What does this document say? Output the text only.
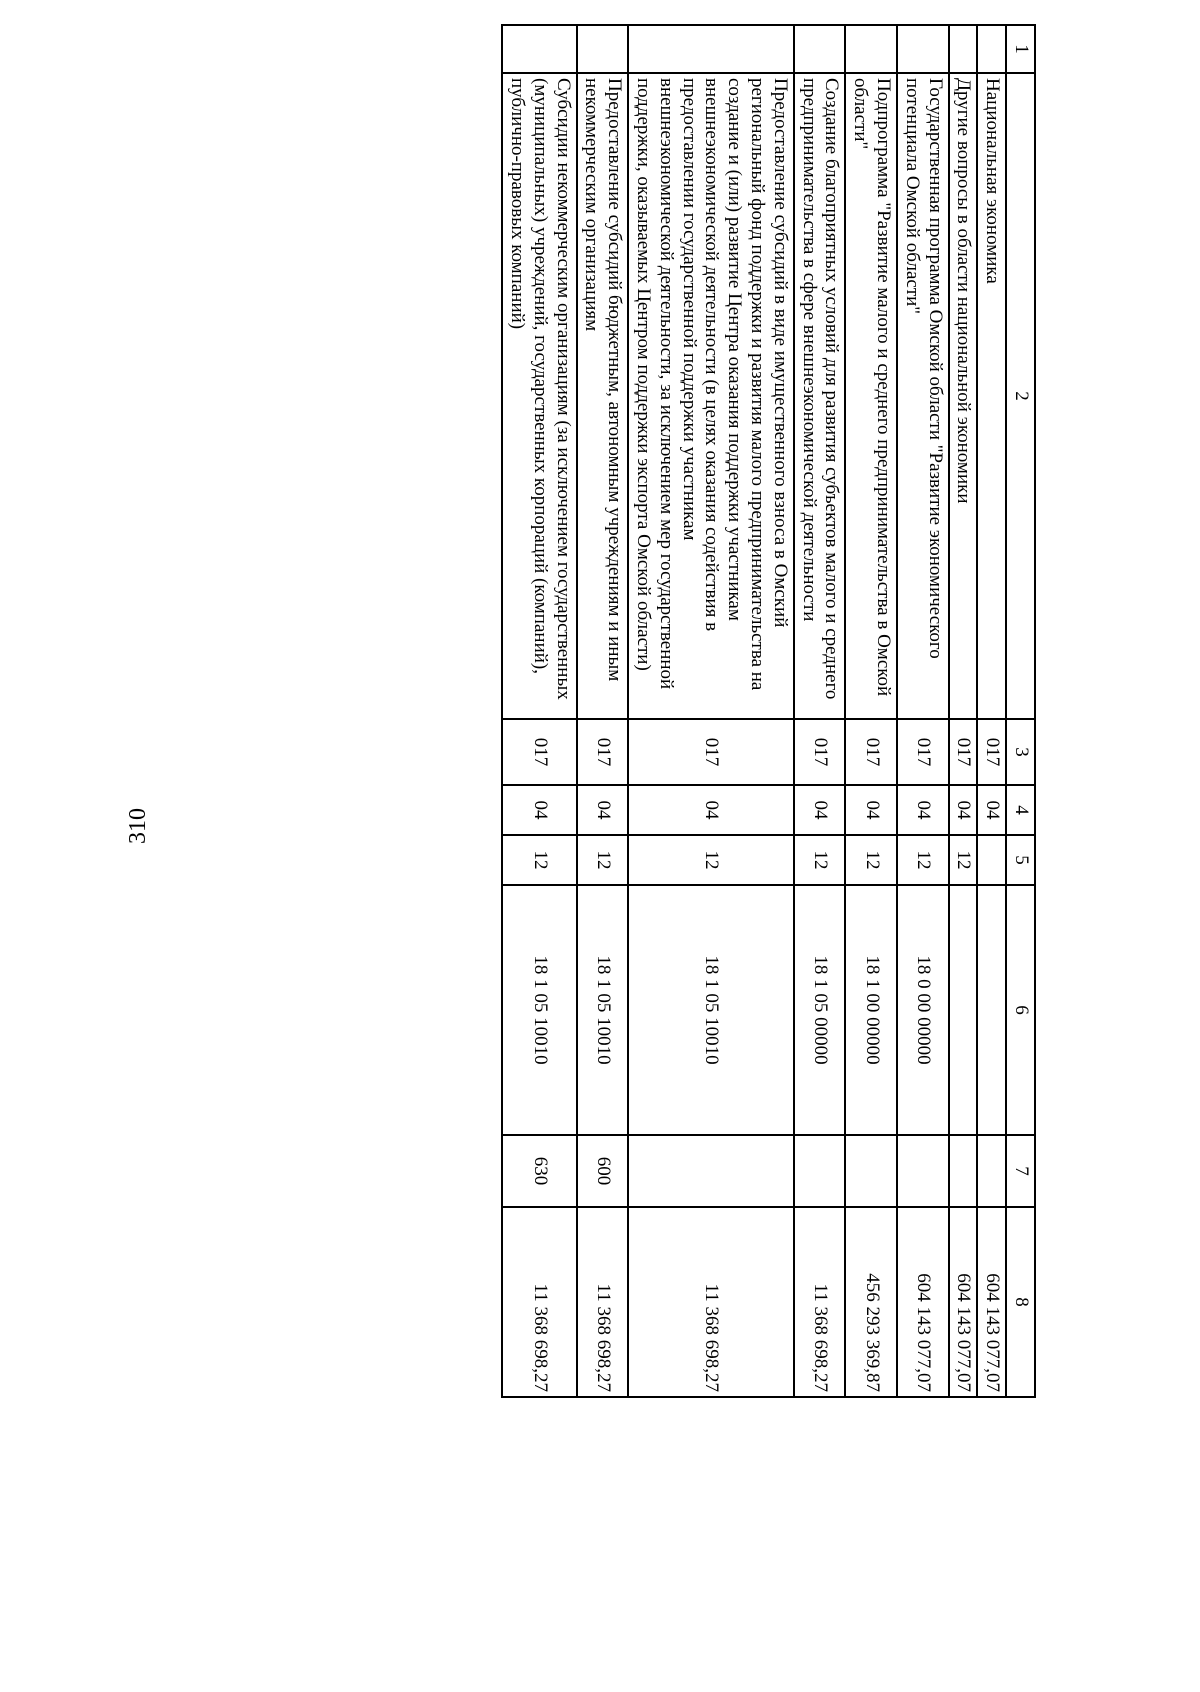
310
1	2	3	4	5	6	7	8
	Национальная экономика	017	04				604 143 077,07
	Другие вопросы в области национальной экономики	017	04	12			604 143 077,07
	Государственная программа Омской области "Развитие экономического потенциала Омской области"	017	04	12	18 0 00 00000		604 143 077,07
	Подпрограмма "Развитие малого и среднего предпринимательства в Омской области"	017	04	12	18 1 00 00000		456 293 369,87
	Создание благоприятных условий для развития субъектов малого и среднего предпринимательства в сфере внешнеэкономической деятельности	017	04	12	18 1 05 00000		11 368 698,27
	Предоставление субсидий в виде имущественного взноса в Омский региональный фонд поддержки и развития малого предпринимательства на создание и (или) развитие Центра оказания поддержки участникам внешнеэкономической деятельности (в целях оказания содействия в предоставлении государственной поддержки участникам внешнеэкономической деятельности, за исключением мер государственной поддержки, оказываемых Центром поддержки экспорта Омской области)	017	04	12	18 1 05 10010		11 368 698,27
	Предоставление субсидий бюджетным, автономным учреждениям и иным некоммерческим организациям	017	04	12	18 1 05 10010	600	11 368 698,27
	Субсидии некоммерческим организациям (за исключением государственных (муниципальных) учреждений, государственных корпораций (компаний), публично-правовых компаний)	017	04	12	18 1 05 10010	630	11 368 698,27
